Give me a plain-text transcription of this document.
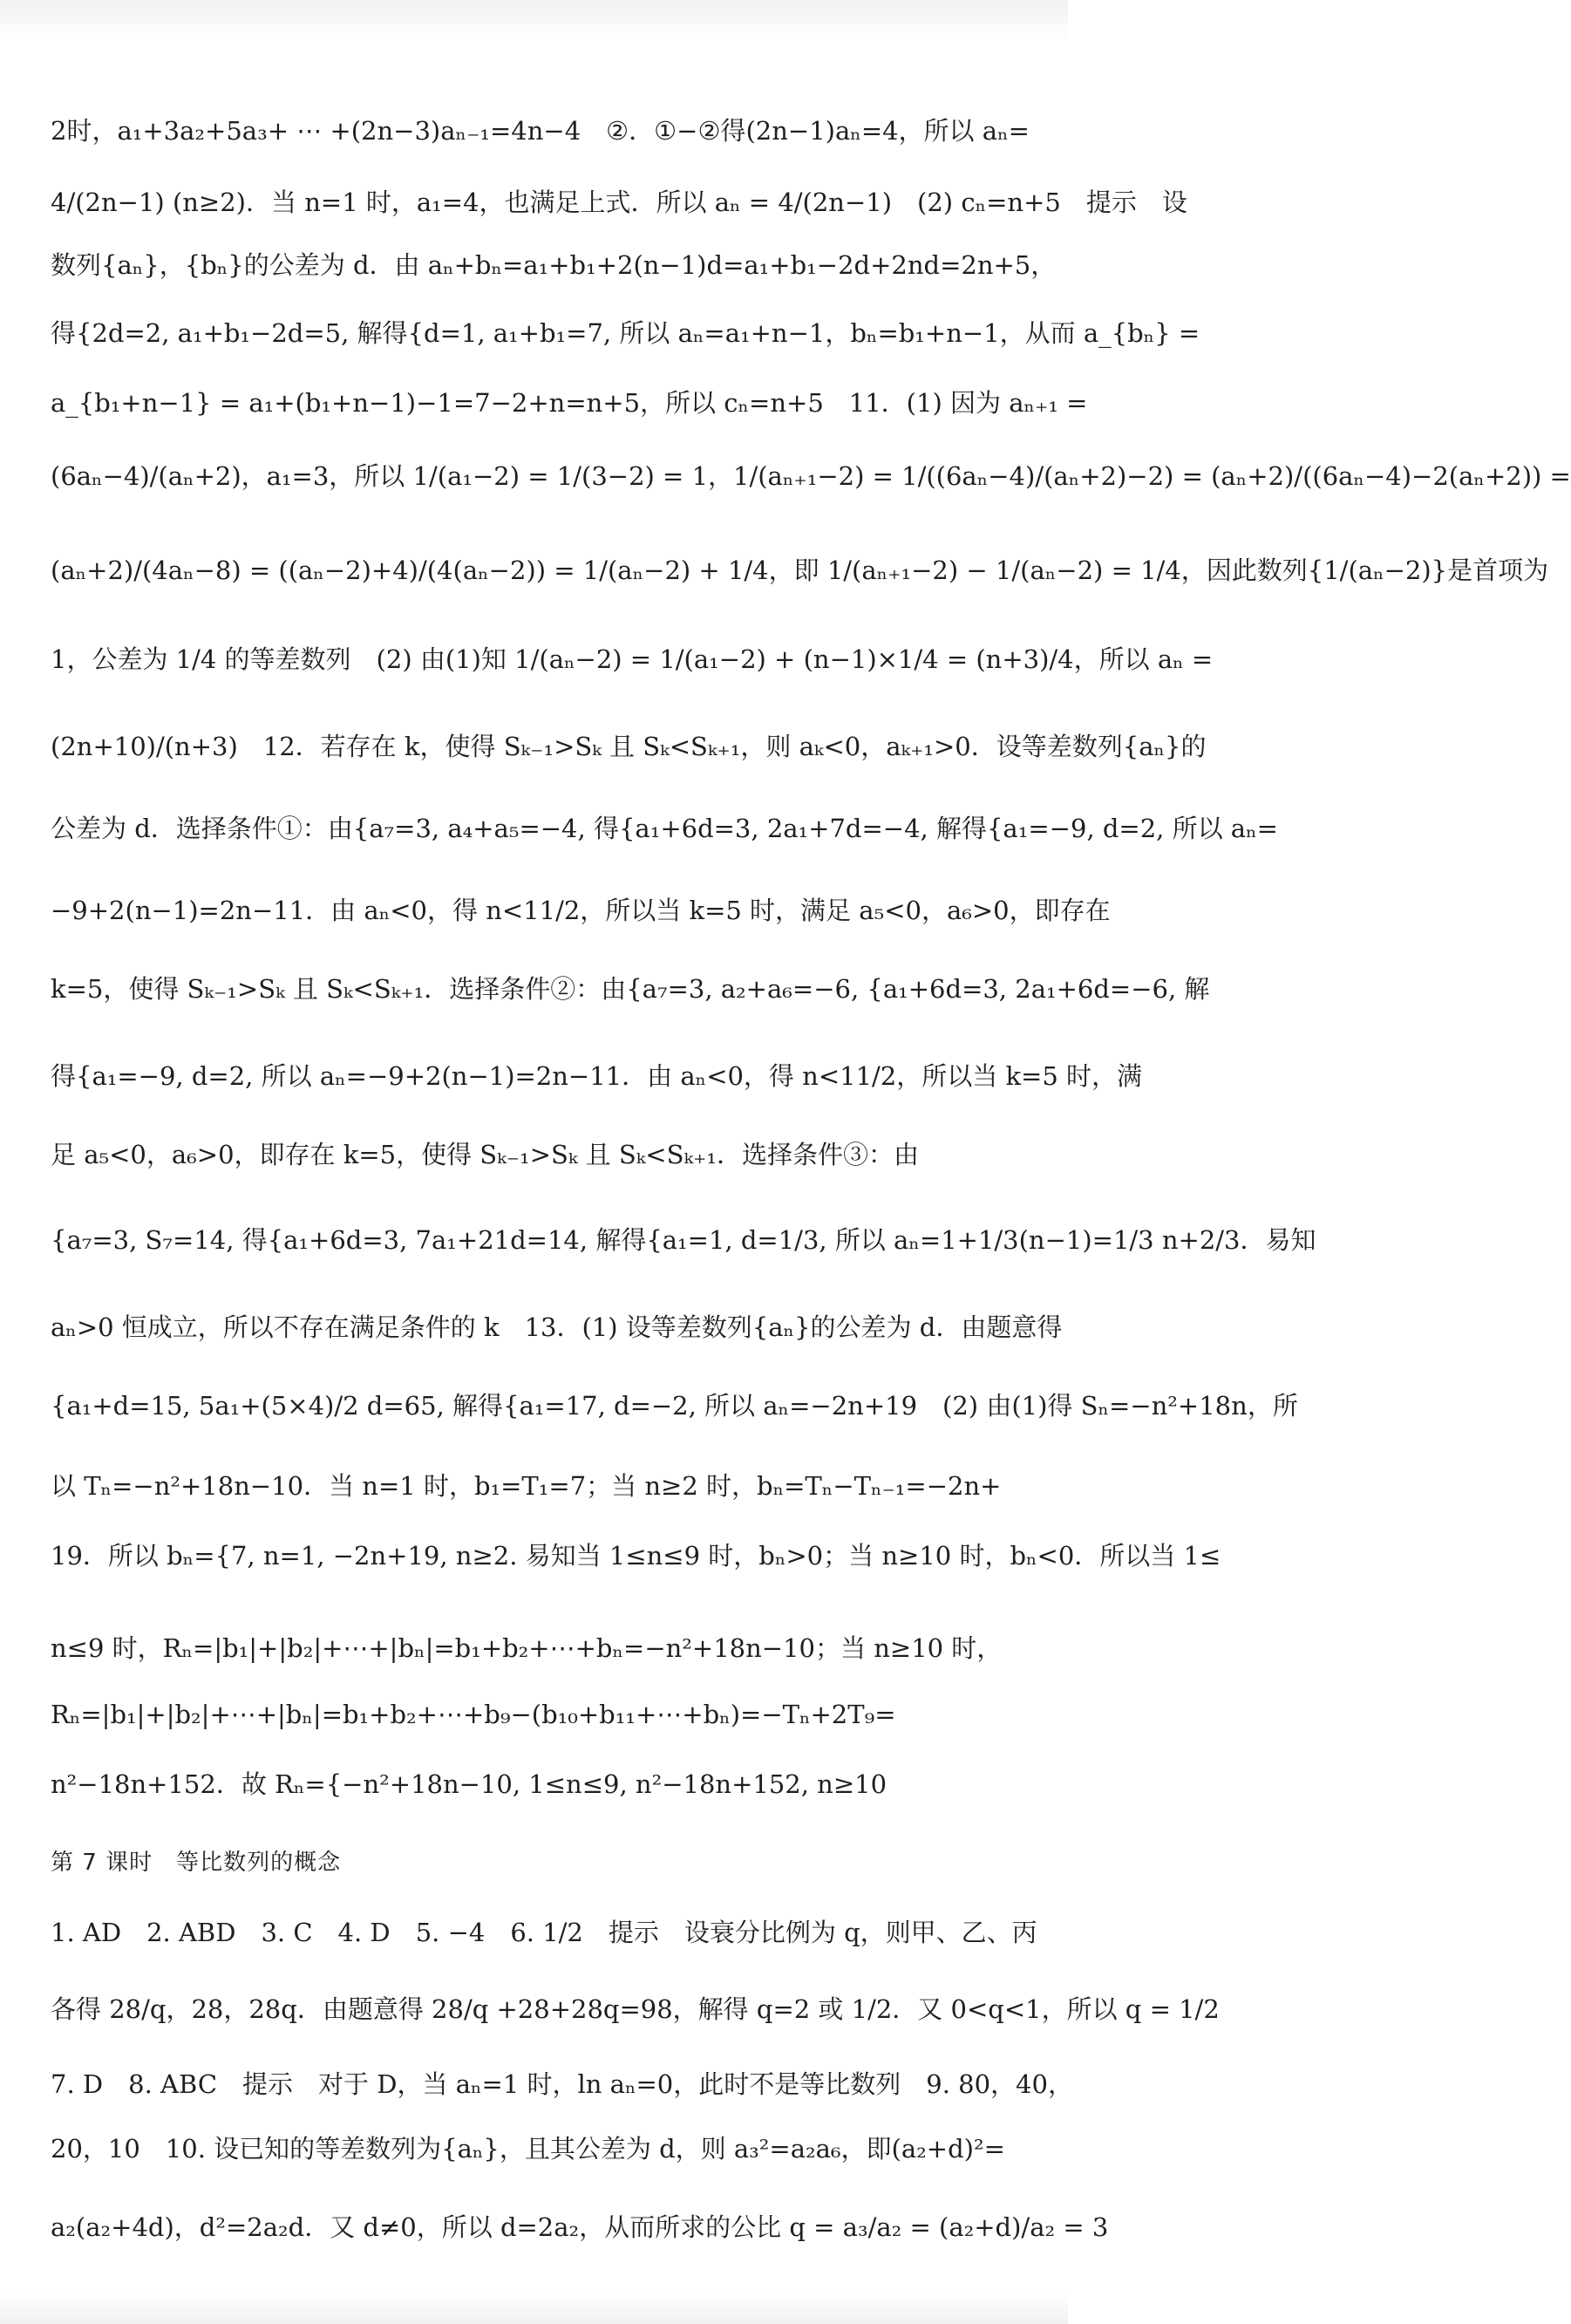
2时，a₁+3a₂+5a₃+ ⋯ +(2n−3)aₙ₋₁=4n−4　②．①−②得(2n−1)aₙ=4，所以 aₙ=
4/(2n−1) (n≥2)．当 n=1 时，a₁=4，也满足上式．所以 aₙ = 4/(2n−1)　(2) cₙ=n+5　提示　设
数列{aₙ}，{bₙ}的公差为 d．由 aₙ+bₙ=a₁+b₁+2(n−1)d=a₁+b₁−2d+2nd=2n+5，
得{2d=2, a₁+b₁−2d=5, 解得{d=1, a₁+b₁=7, 所以 aₙ=a₁+n−1，bₙ=b₁+n−1，从而 a_{bₙ} =
a_{b₁+n−1} = a₁+(b₁+n−1)−1=7−2+n=n+5，所以 cₙ=n+5　11．(1) 因为 aₙ₊₁ =
(6aₙ−4)/(aₙ+2)，a₁=3，所以 1/(a₁−2) = 1/(3−2) = 1，1/(aₙ₊₁−2) = 1/((6aₙ−4)/(aₙ+2)−2) = (aₙ+2)/((6aₙ−4)−2(aₙ+2)) =
(aₙ+2)/(4aₙ−8) = ((aₙ−2)+4)/(4(aₙ−2)) = 1/(aₙ−2) + 1/4，即 1/(aₙ₊₁−2) − 1/(aₙ−2) = 1/4，因此数列{1/(aₙ−2)}是首项为
1，公差为 1/4 的等差数列　(2) 由(1)知 1/(aₙ−2) = 1/(a₁−2) + (n−1)×1/4 = (n+3)/4，所以 aₙ =
(2n+10)/(n+3)　12．若存在 k，使得 Sₖ₋₁>Sₖ 且 Sₖ<Sₖ₊₁，则 aₖ<0，aₖ₊₁>0．设等差数列{aₙ}的
公差为 d．选择条件①：由{a₇=3, a₄+a₅=−4, 得{a₁+6d=3, 2a₁+7d=−4, 解得{a₁=−9, d=2, 所以 aₙ=
−9+2(n−1)=2n−11．由 aₙ<0，得 n<11/2，所以当 k=5 时，满足 a₅<0，a₆>0，即存在
k=5，使得 Sₖ₋₁>Sₖ 且 Sₖ<Sₖ₊₁．选择条件②：由{a₇=3, a₂+a₆=−6, {a₁+6d=3, 2a₁+6d=−6, 解
得{a₁=−9, d=2, 所以 aₙ=−9+2(n−1)=2n−11．由 aₙ<0，得 n<11/2，所以当 k=5 时，满
足 a₅<0，a₆>0，即存在 k=5，使得 Sₖ₋₁>Sₖ 且 Sₖ<Sₖ₊₁．选择条件③：由
{a₇=3, S₇=14, 得{a₁+6d=3, 7a₁+21d=14, 解得{a₁=1, d=1/3, 所以 aₙ=1+1/3(n−1)=1/3 n+2/3．易知
aₙ>0 恒成立，所以不存在满足条件的 k　13．(1) 设等差数列{aₙ}的公差为 d．由题意得
{a₁+d=15, 5a₁+(5×4)/2 d=65, 解得{a₁=17, d=−2, 所以 aₙ=−2n+19　(2) 由(1)得 Sₙ=−n²+18n，所
以 Tₙ=−n²+18n−10．当 n=1 时，b₁=T₁=7；当 n≥2 时，bₙ=Tₙ−Tₙ₋₁=−2n+
19．所以 bₙ={7, n=1, −2n+19, n≥2. 易知当 1≤n≤9 时，bₙ>0；当 n≥10 时，bₙ<0．所以当 1≤
n≤9 时，Rₙ=|b₁|+|b₂|+⋯+|bₙ|=b₁+b₂+⋯+bₙ=−n²+18n−10；当 n≥10 时，
Rₙ=|b₁|+|b₂|+⋯+|bₙ|=b₁+b₂+⋯+b₉−(b₁₀+b₁₁+⋯+bₙ)=−Tₙ+2T₉=
n²−18n+152．故 Rₙ={−n²+18n−10, 1≤n≤9, n²−18n+152, n≥10
第 7 课时　等比数列的概念
1. AD　2. ABD　3. C　4. D　5. −4　6. 1/2　提示　设衰分比例为 q，则甲、乙、丙
各得 28/q，28，28q．由题意得 28/q +28+28q=98，解得 q=2 或 1/2．又 0<q<1，所以 q = 1/2
7. D　8. ABC　提示　对于 D，当 aₙ=1 时，ln aₙ=0，此时不是等比数列　9. 80，40，
20，10　10. 设已知的等差数列为{aₙ}，且其公差为 d，则 a₃²=a₂a₆，即(a₂+d)²=
a₂(a₂+4d)，d²=2a₂d．又 d≠0，所以 d=2a₂，从而所求的公比 q = a₃/a₂ = (a₂+d)/a₂ = 3
